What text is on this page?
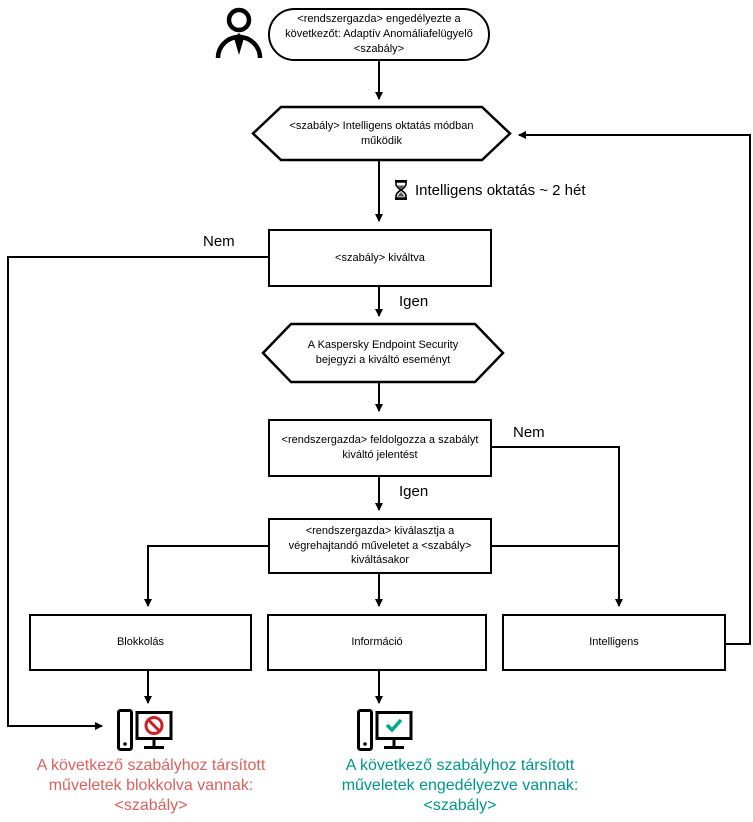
<rendszergazda> engedélyezte a következőt: Adaptív Anomáliafelügyelő <szabály>
<szabály> Intelligens oktatás módban működik
Intelligens oktatás ~ 2 hét
<szabály> kiváltva
A Kaspersky Endpoint Security bejegyzi a kiváltó eseményt
<rendszergazda> feldolgozza a szabályt kiváltó jelentést
<rendszergazda> kiválasztja a végrehajtandó műveletet a <szabály> kiváltásakor
Blokkolás	Információ	Intelligens
Nem
Igen
Nem
Igen
A következő szabályhoz társított
műveletek blokkolva vannak:
<szabály>
A következő szabályhoz társított
műveletek engedélyezve vannak:
<szabály>
